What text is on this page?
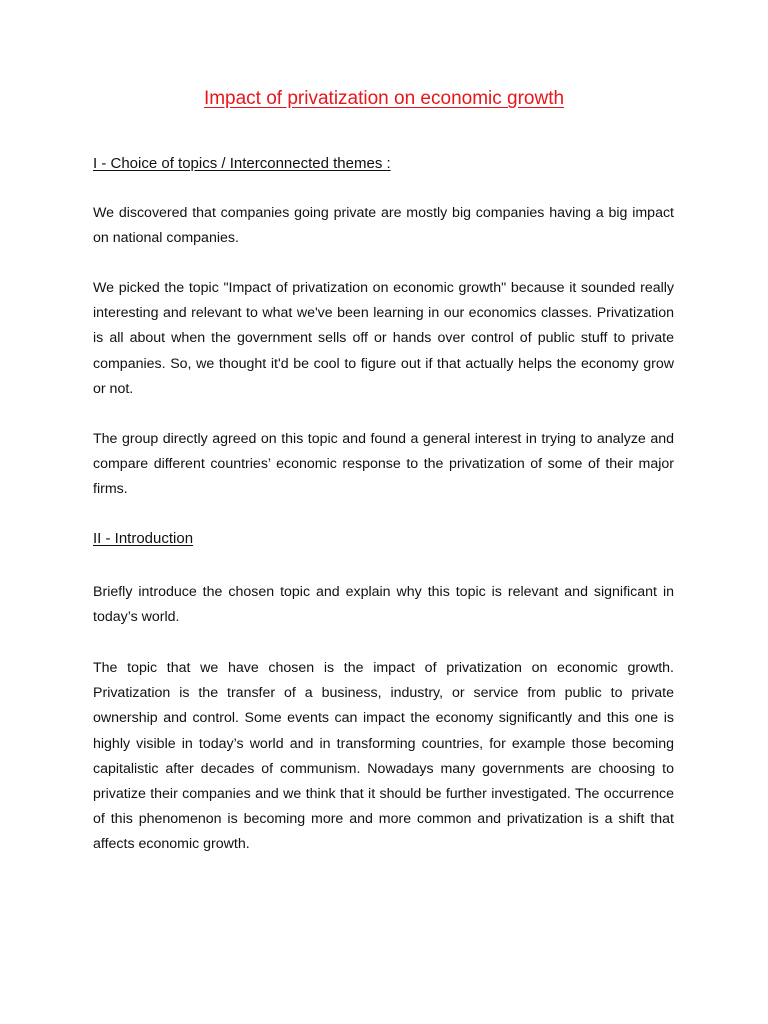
Impact of privatization on economic growth
I - Choice of topics / Interconnected themes :

We discovered that companies going private are mostly big companies having a big impact on national companies.

We picked the topic "Impact of privatization on economic growth" because it sounded really interesting and relevant to what we've been learning in our economics classes. Privatization is all about when the government sells off or hands over control of public stuff to private companies. So, we thought it'd be cool to figure out if that actually helps the economy grow or not.

The group directly agreed on this topic and found a general interest in trying to analyze and compare different countries’ economic response to the privatization of some of their major firms.

II - Introduction

Briefly introduce the chosen topic and explain why this topic is relevant and significant in today’s world.

The topic that we have chosen is the impact of privatization on economic growth. Privatization is the transfer of a business, industry, or service from public to private ownership and control. Some events can impact the economy significantly and this one is highly visible in today’s world and in transforming countries, for example those becoming capitalistic after decades of communism. Nowadays many governments are choosing to privatize their companies and we think that it should be further investigated. The occurrence of this phenomenon is becoming more and more common and privatization is a shift that affects economic growth.
